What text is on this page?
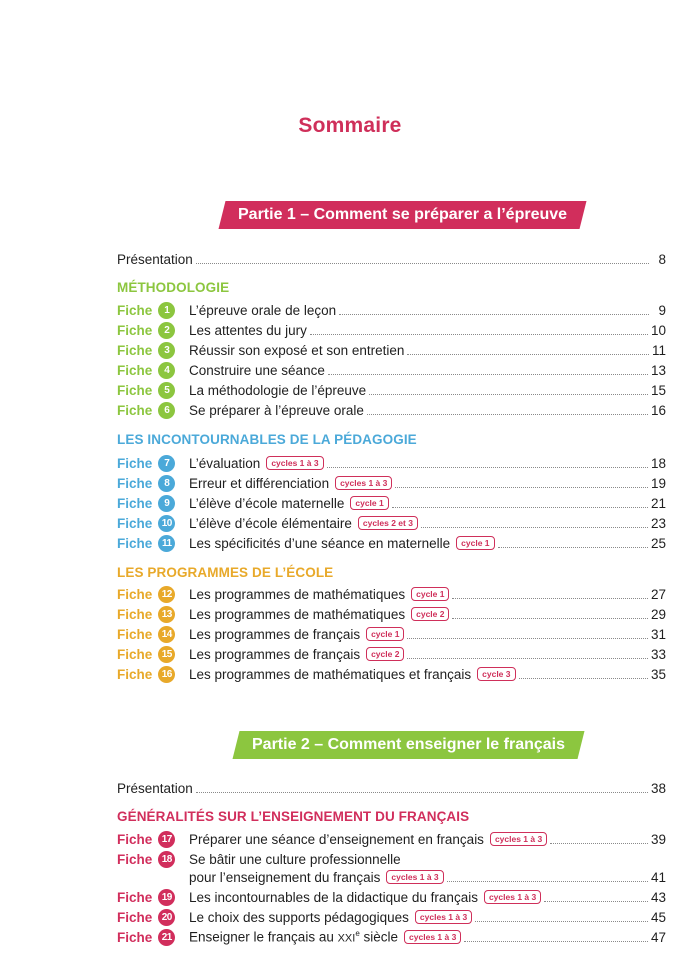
Sommaire
Partie 1 – Comment se préparer a l’épreuve
Présentation	8
MÉTHODOLOGIE
Fiche	1	L’épreuve orale de leçon	9
Fiche	2	Les attentes du jury	10
Fiche	3	Réussir son exposé et son entretien	11
Fiche	4	Construire une séance	13
Fiche	5	La méthodologie de l’épreuve	15
Fiche	6	Se préparer à l’épreuve orale	16
LES INCONTOURNABLES DE LA PÉDAGOGIE
Fiche	7	L’évaluation	cycles 1 à 3	18
Fiche	8	Erreur et différenciation	cycles 1 à 3	19
Fiche	9	L’élève d’école maternelle	cycle 1	21
Fiche 10 L’élève d’école élémentaire	cycles 2 et 3	23
Fiche 11 Les spécificités d’une séance en maternelle	cycle 1	25
LES PROGRAMMES DE L’ÉCOLE
Fiche 12 Les programmes de mathématiques	cycle 1	27
Fiche 13 Les programmes de mathématiques	cycle 2	29
Fiche 14 Les programmes de français	cycle 1	31
Fiche 15 Les programmes de français	cycle 2	33
Fiche 16 Les programmes de mathématiques et français	cycle 3	35
Partie 2 – Comment enseigner le français
Présentation	38
GÉNÉRALITÉS SUR L’ENSEIGNEMENT DU FRANÇAIS
Fiche 17 Préparer une séance d’enseignement en français	cycles 1 à 3	39
Fiche 18 Se bâtir une culture professionnelle
pour l’enseignement du français	cycles 1 à 3	41
Fiche 19 Les incontournables de la didactique du français	cycles 1 à 3	43
Fiche 20 Le choix des supports pédagogiques	cycles 1 à 3	45
Fiche 21 Enseigner le français au XXIe siècle	cycles 1 à 3	47
